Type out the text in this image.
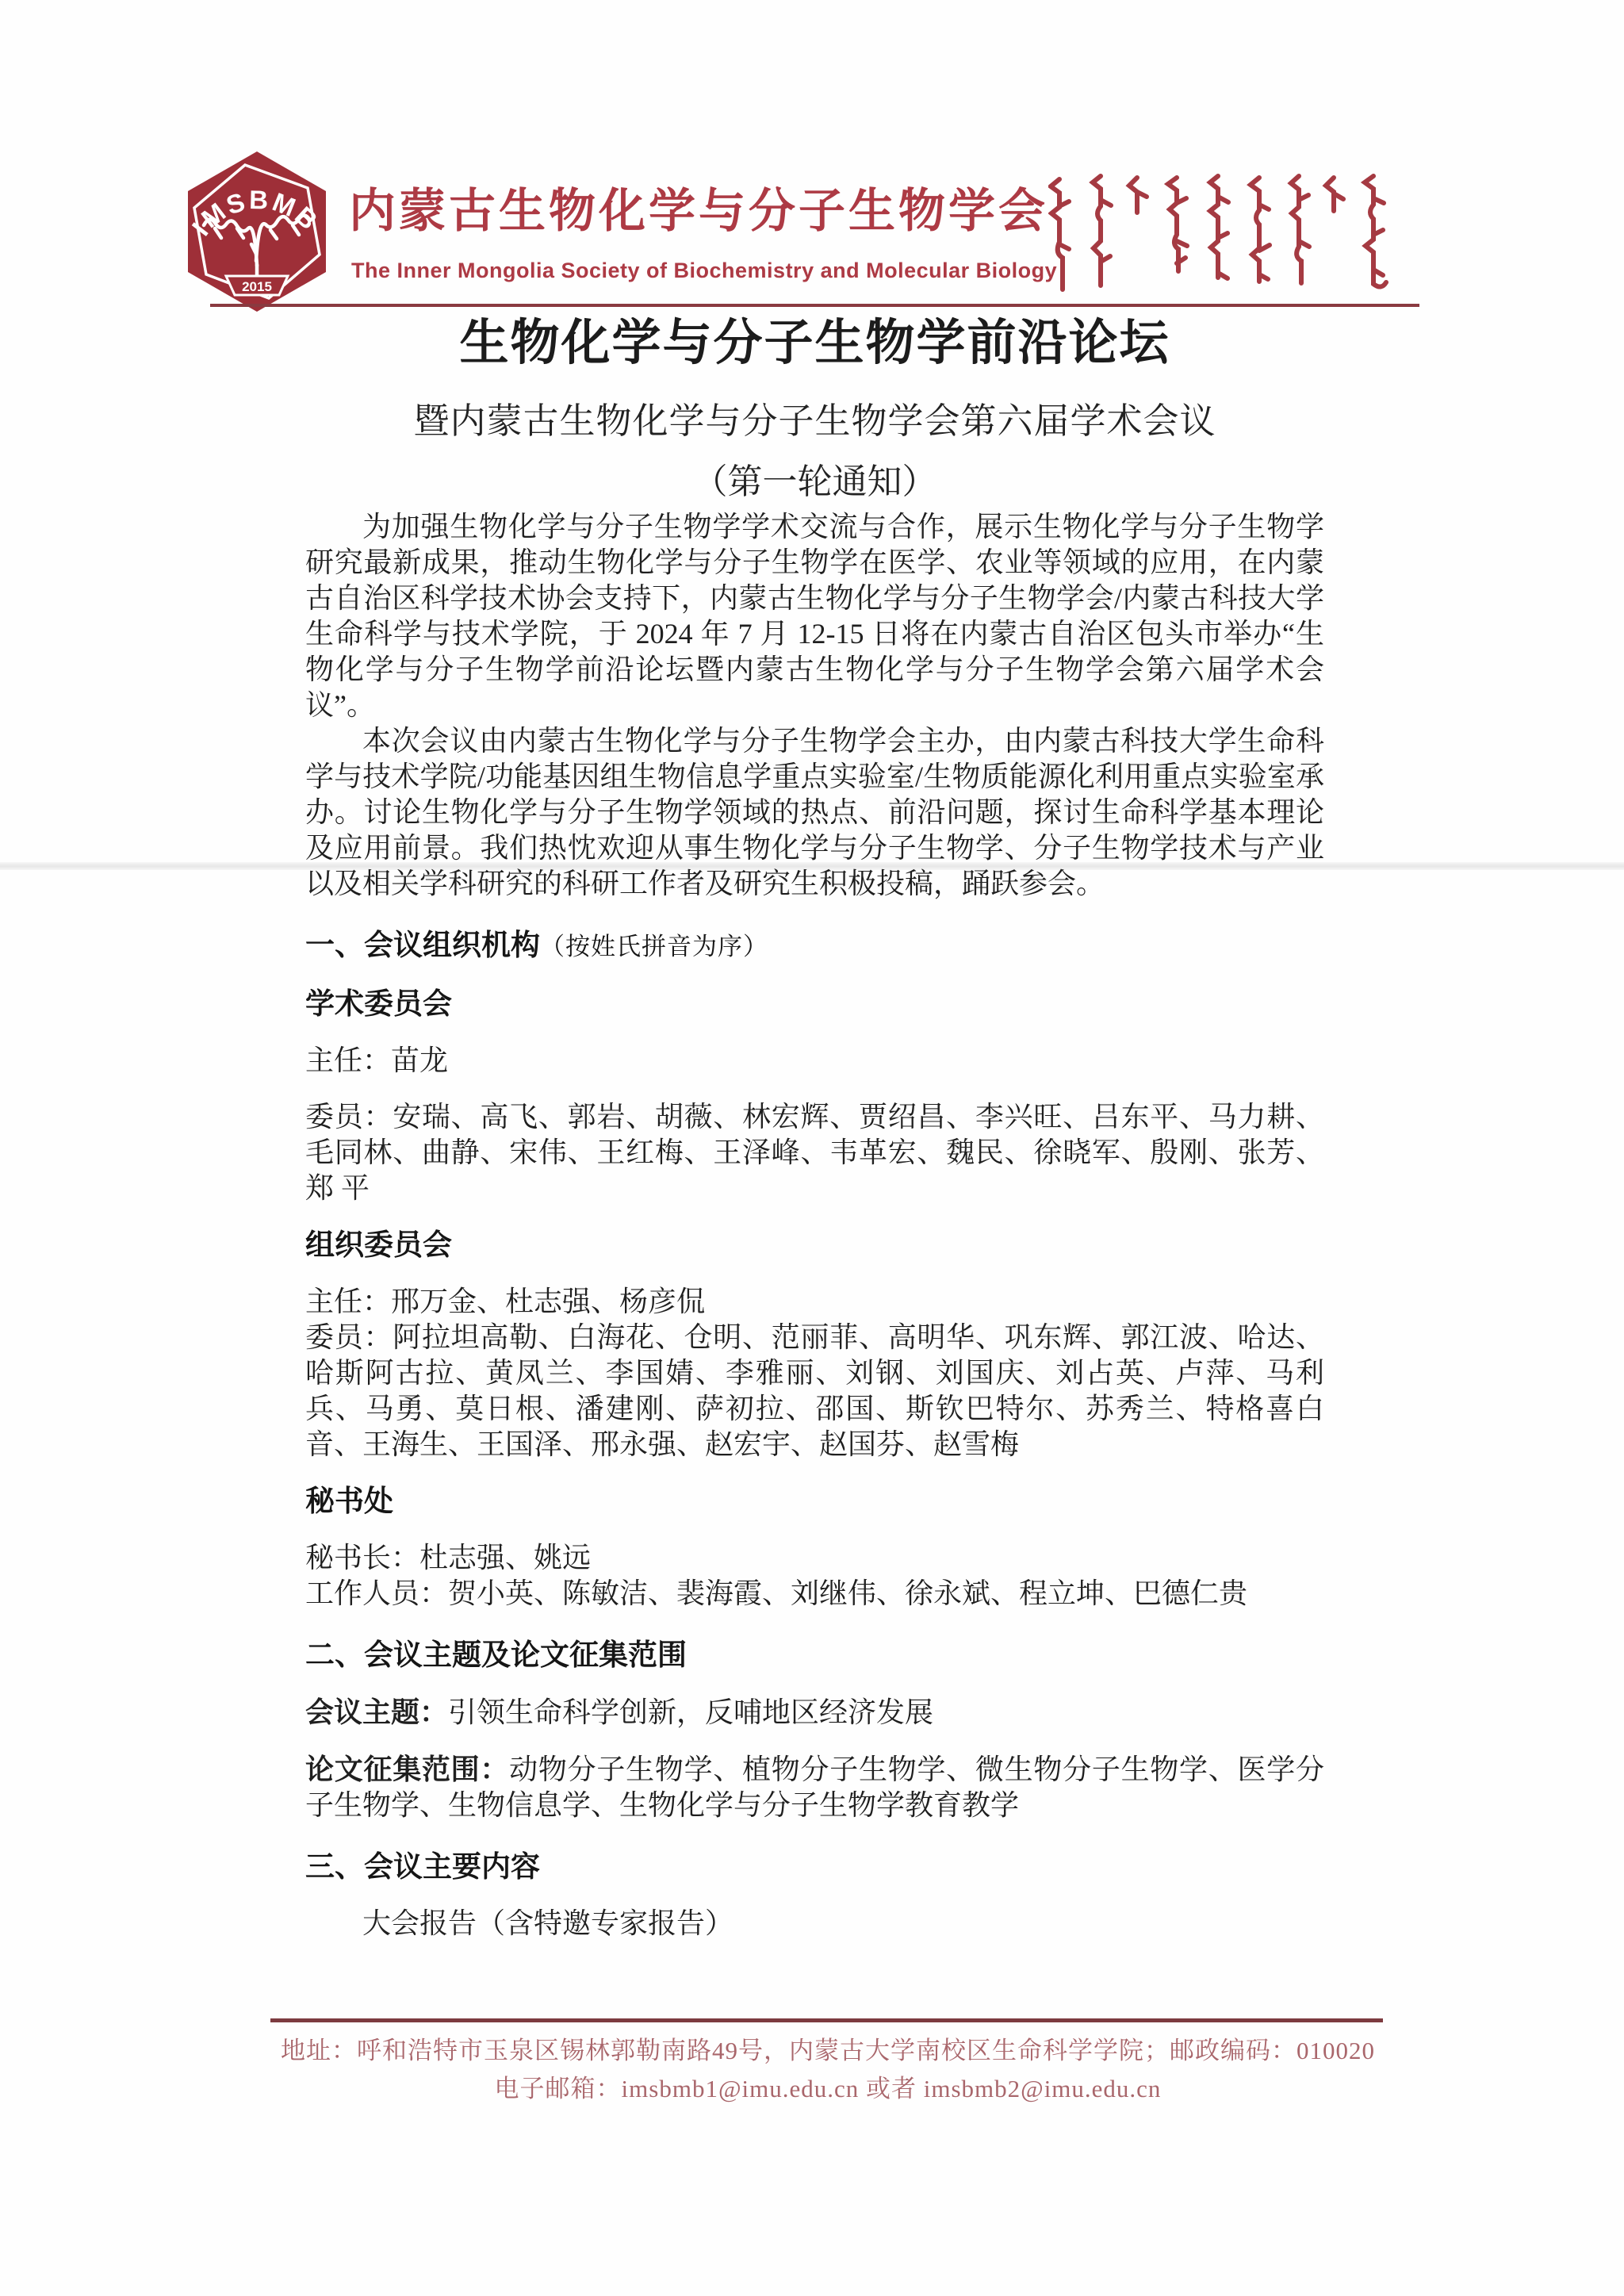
IMSBMB
2015
内蒙古生物化学与分子生物学会
The Inner Mongolia Society of Biochemistry and Molecular Biology
生物化学与分子生物学前沿论坛
暨内蒙古生物化学与分子生物学会第六届学术会议
（第一轮通知）

为加强生物化学与分子生物学学术交流与合作，展示生物化学与分子生物学研究最新成果，推动生物化学与分子生物学在医学、农业等领域的应用，在内蒙古自治区科学技术协会支持下，内蒙古生物化学与分子生物学会/内蒙古科技大学生命科学与技术学院，于 2024 年 7 月 12-15 日将在内蒙古自治区包头市举办“生物化学与分子生物学前沿论坛暨内蒙古生物化学与分子生物学会第六届学术会议”。

本次会议由内蒙古生物化学与分子生物学会主办，由内蒙古科技大学生命科学与技术学院/功能基因组生物信息学重点实验室/生物质能源化利用重点实验室承办。讨论生物化学与分子生物学领域的热点、前沿问题，探讨生命科学基本理论及应用前景。我们热忱欢迎从事生物化学与分子生物学、分子生物学技术与产业以及相关学科研究的科研工作者及研究生积极投稿，踊跃参会。

一、会议组织机构（按姓氏拼音为序）
学术委员会

主任：苗龙

委员：安瑞、高飞、郭岩、胡薇、林宏辉、贾绍昌、李兴旺、吕东平、马力耕、毛同林、曲静、宋伟、王红梅、王泽峰、韦革宏、魏民、徐晓军、殷刚、张芳、郑 平

组织委员会

主任：邢万金、杜志强、杨彦侃

委员：阿拉坦高勒、白海花、仓明、范丽菲、高明华、巩东辉、郭江波、哈达、哈斯阿古拉、黄凤兰、李国婧、李雅丽、刘钢、刘国庆、刘占英、卢萍、马利兵、马勇、莫日根、潘建刚、萨初拉、邵国、斯钦巴特尔、苏秀兰、特格喜白音、王海生、王国泽、邢永强、赵宏宇、赵国芬、赵雪梅

秘书处

秘书长：杜志强、姚远

工作人员：贺小英、陈敏洁、裴海霞、刘继伟、徐永斌、程立坤、巴德仁贵

二、会议主题及论文征集范围

会议主题：引领生命科学创新，反哺地区经济发展

论文征集范围：动物分子生物学、植物分子生物学、微生物分子生物学、医学分子生物学、生物信息学、生物化学与分子生物学教育教学

三、会议主要内容

大会报告（含特邀专家报告）

地址：呼和浩特市玉泉区锡林郭勒南路49号，内蒙古大学南校区生命科学学院；邮政编码：010020
电子邮箱：imsbmb1@imu.edu.cn 或者 imsbmb2@imu.edu.cn
